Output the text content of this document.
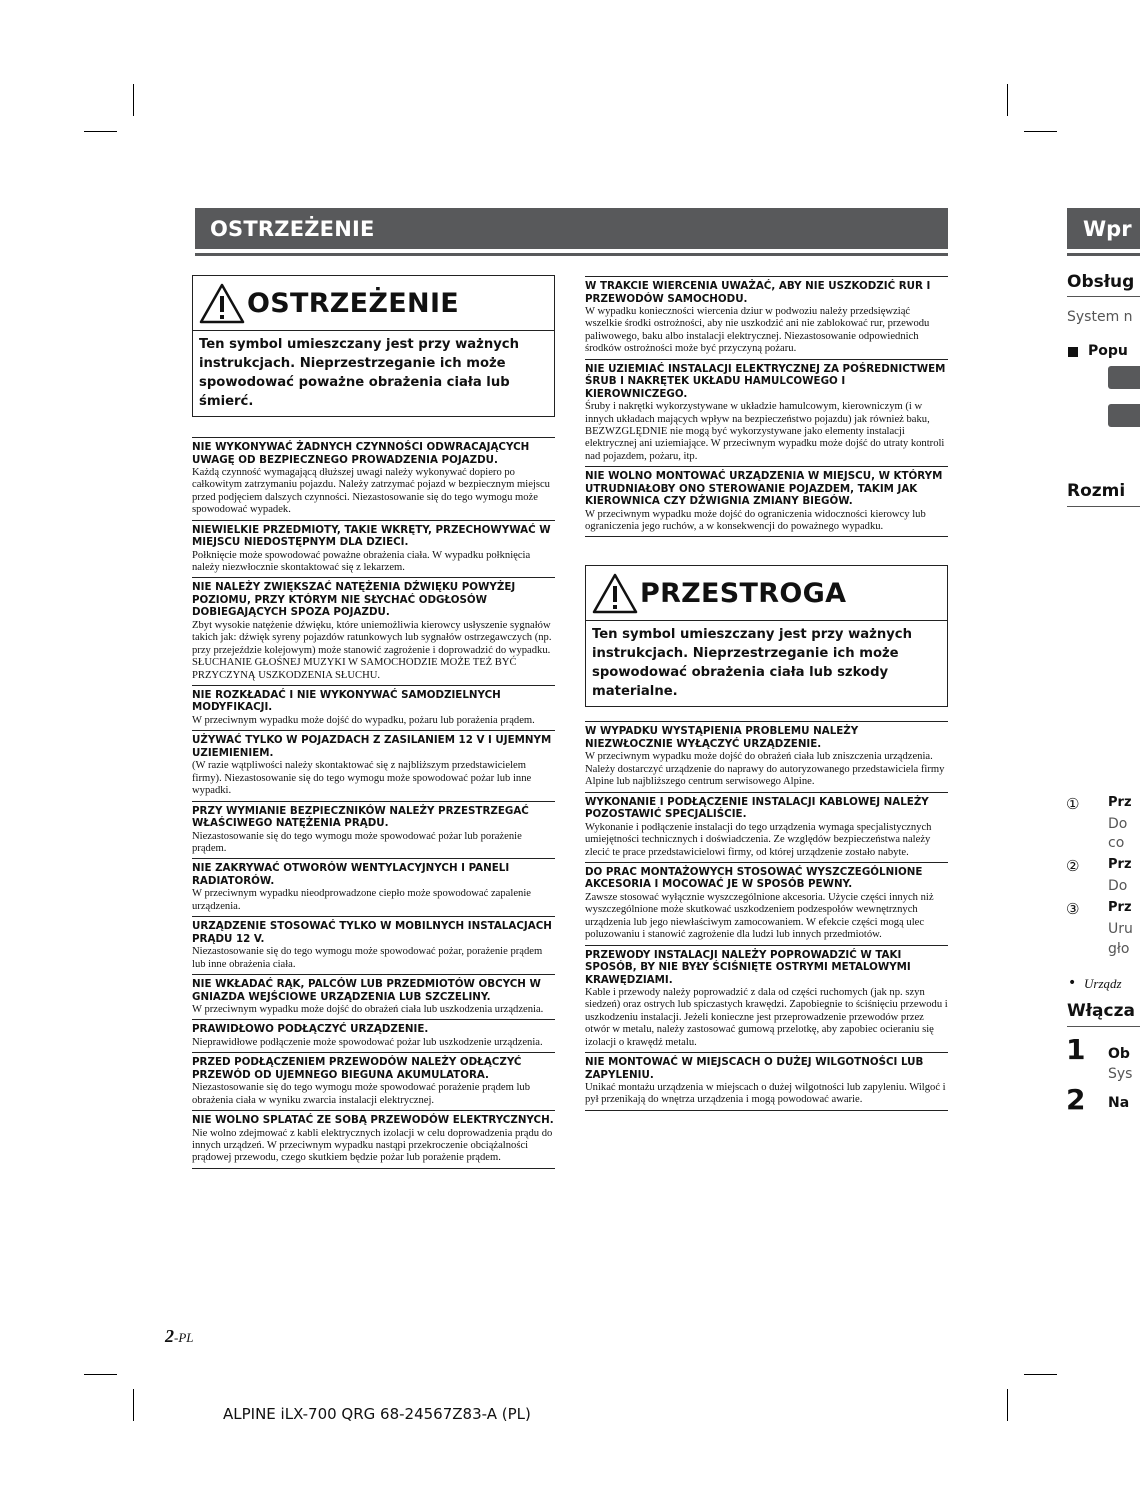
OSTRZEŻENIE
OSTRZEŻENIE
Ten symbol umieszczany jest przy ważnych instrukcjach. Nieprzestrzeganie ich może spowodować poważne obrażenia ciała lub śmierć.
NIE WYKONYWAĆ ŻADNYCH CZYNNOŚCI ODWRACAJĄCYCH UWAGĘ OD BEZPIECZNEGO PROWADZENIA POJAZDU.

Każdą czynność wymagającą dłuższej uwagi należy wykonywać dopiero po całkowitym zatrzymaniu pojazdu. Należy zatrzymać pojazd w bezpiecznym miejscu przed podjęciem dalszych czynności. Niezastosowanie się do tego wymogu może spowodować wypadek.

NIEWIELKIE PRZEDMIOTY, TAKIE WKRĘTY, PRZECHOWYWAĆ W MIEJSCU NIEDOSTĘPNYM DLA DZIECI.

Połknięcie może spowodować poważne obrażenia ciała. W wypadku połknięcia należy niezwłocznie skontaktować się z lekarzem.

NIE NALEŻY ZWIĘKSZAĆ NATĘŻENIA DŹWIĘKU POWYŻEJ POZIOMU, PRZY KTÓRYM NIE SŁYCHAĆ ODGŁOSÓW DOBIEGAJĄCYCH SPOZA POJAZDU.

Zbyt wysokie natężenie dźwięku, które uniemożliwia kierowcy usłyszenie sygnałów takich jak: dźwięk syreny pojazdów ratunkowych lub sygnałów ostrzegawczych (np. przy przejeździe kolejowym) może stanowić zagrożenie i doprowadzić do wypadku. SŁUCHANIE GŁOŚNEJ MUZYKI W SAMOCHODZIE MOŻE TEŻ BYĆ PRZYCZYNĄ USZKODZENIA SŁUCHU.

NIE ROZKŁADAĆ I NIE WYKONYWAĆ SAMODZIELNYCH MODYFIKACJI.

W przeciwnym wypadku może dojść do wypadku, pożaru lub porażenia prądem.

UŻYWAĆ TYLKO W POJAZDACH Z ZASILANIEM 12 V I UJEMNYM UZIEMIENIEM.

(W razie wątpliwości należy skontaktować się z najbliższym przedstawicielem firmy). Niezastosowanie się do tego wymogu może spowodować pożar lub inne wypadki.

PRZY WYMIANIE BEZPIECZNIKÓW NALEŻY PRZESTRZEGAĆ WŁAŚCIWEGO NATĘŻENIA PRĄDU.

Niezastosowanie się do tego wymogu może spowodować pożar lub porażenie prądem.

NIE ZAKRYWAĆ OTWORÓW WENTYLACYJNYCH I PANELI RADIATORÓW.

W przeciwnym wypadku nieodprowadzone ciepło może spowodować zapalenie urządzenia.

URZĄDZENIE STOSOWAĆ TYLKO W MOBILNYCH INSTALACJACH PRĄDU 12 V.

Niezastosowanie się do tego wymogu może spowodować pożar, porażenie prądem lub inne obrażenia ciała.

NIE WKŁADAĆ RĄK, PALCÓW LUB PRZEDMIOTÓW OBCYCH W GNIAZDA WEJŚCIOWE URZĄDZENIA LUB SZCZELINY.

W przeciwnym wypadku może dojść do obrażeń ciała lub uszkodzenia urządzenia.

PRAWIDŁOWO PODŁĄCZYĆ URZĄDZENIE.

Nieprawidłowe podłączenie może spowodować pożar lub uszkodzenie urządzenia.

PRZED PODŁĄCZENIEM PRZEWODÓW NALEŻY ODŁĄCZYĆ PRZEWÓD OD UJEMNEGO BIEGUNA AKUMULATORA.

Niezastosowanie się do tego wymogu może spowodować porażenie prądem lub obrażenia ciała w wyniku zwarcia instalacji elektrycznej.

NIE WOLNO SPLATAĆ ZE SOBĄ PRZEWODÓW ELEKTRYCZNYCH.

Nie wolno zdejmować z kabli elektrycznych izolacji w celu doprowadzenia prądu do innych urządzeń. W przeciwnym wypadku nastąpi przekroczenie obciążalności prądowej przewodu, czego skutkiem będzie pożar lub porażenie prądem.

W TRAKCIE WIERCENIA UWAŻAĆ, ABY NIE USZKODZIĆ RUR I PRZEWODÓW SAMOCHODU.

W wypadku konieczności wiercenia dziur w podwoziu należy przedsięwziąć wszelkie środki ostrożności, aby nie uszkodzić ani nie zablokować rur, przewodu paliwowego, baku albo instalacji elektrycznej. Niezastosowanie odpowiednich środków ostrożności może być przyczyną pożaru.

NIE UZIEMIAĆ INSTALACJI ELEKTRYCZNEJ ZA POŚREDNICTWEM ŚRUB I NAKRĘTEK UKŁADU HAMULCOWEGO I KIEROWNICZEGO.

Śruby i nakrętki wykorzystywane w układzie hamulcowym, kierowniczym (i w innych układach mających wpływ na bezpieczeństwo pojazdu) jak również baku, BEZWZGLĘDNIE nie mogą być wykorzystywane jako elementy instalacji elektrycznej ani uziemiające. W przeciwnym wypadku może dojść do utraty kontroli nad pojazdem, pożaru, itp.

NIE WOLNO MONTOWAĆ URZĄDZENIA W MIEJSCU, W KTÓRYM UTRUDNIAŁOBY ONO STEROWANIE POJAZDEM, TAKIM JAK KIEROWNICA CZY DŹWIGNIA ZMIANY BIEGÓW.

W przeciwnym wypadku może dojść do ograniczenia widoczności kierowcy lub ograniczenia jego ruchów, a w konsekwencji do poważnego wypadku.

PRZESTROGA
Ten symbol umieszczany jest przy ważnych instrukcjach. Nieprzestrzeganie ich może spowodować obrażenia ciała lub szkody materialne.
W WYPADKU WYSTĄPIENIA PROBLEMU NALEŻY NIEZWŁOCZNIE WYŁĄCZYĆ URZĄDZENIE.

W przeciwnym wypadku może dojść do obrażeń ciała lub zniszczenia urządzenia. Należy dostarczyć urządzenie do naprawy do autoryzowanego przedstawiciela firmy Alpine lub najbliższego centrum serwisowego Alpine.

WYKONANIE I PODŁĄCZENIE INSTALACJI KABLOWEJ NALEŻY POZOSTAWIĆ SPECJALIŚCIE.

Wykonanie i podłączenie instalacji do tego urządzenia wymaga specjalistycznych umiejętności technicznych i doświadczenia. Ze względów bezpieczeństwa należy zlecić te prace przedstawicielowi firmy, od której urządzenie zostało nabyte.

DO PRAC MONTAŻOWYCH STOSOWAĆ WYSZCZEGÓLNIONE AKCESORIA I MOCOWAĆ JE W SPOSÓB PEWNY.

Zawsze stosować wyłącznie wyszczególnione akcesoria. Użycie części innych niż wyszczególnione może skutkować uszkodzeniem podzespołów wewnętrznych urządzenia lub jego niewłaściwym zamocowaniem. W efekcie części mogą ulec poluzowaniu i stanowić zagrożenie dla ludzi lub innych przedmiotów.

PRZEWODY INSTALACJI NALEŻY POPROWADZIĆ W TAKI SPOSÓB, BY NIE BYŁY ŚCIŚNIĘTE OSTRYMI METALOWYMI KRAWĘDZIAMI.

Kable i przewody należy poprowadzić z dala od części ruchomych (jak np. szyn siedzeń) oraz ostrych lub spiczastych krawędzi. Zapobiegnie to ściśnięciu przewodu i uszkodzeniu instalacji. Jeżeli konieczne jest przeprowadzenie przewodów przez otwór w metalu, należy zastosować gumową przelotkę, aby zapobiec ocieraniu się izolacji o krawędź metalu.

NIE MONTOWAĆ W MIEJSCACH O DUŻEJ WILGOTNOŚCI LUB ZAPYLENIU.

Unikać montażu urządzenia w miejscach o dużej wilgotności lub zapyleniu. Wilgoć i pył przenikają do wnętrza urządzenia i mogą powodować awarie.

2-PL
ALPINE iLX-700 QRG 68-24567Z83-A (PL)
Wpr
Obsług
System n
Popu
Rozmi
①	Prz
Do
co
②	Prz
Do
③	Prz
Uru
gło
• Urządz
Włącza
1	Ob
Sys
2	Na
